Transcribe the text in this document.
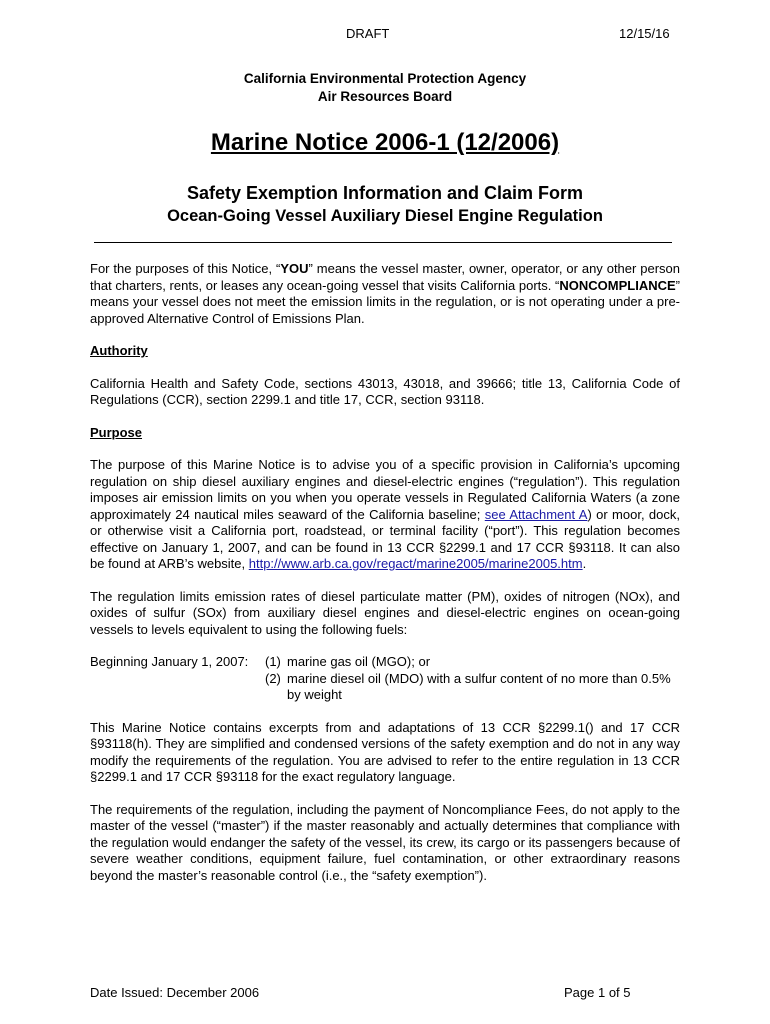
DRAFT	12/15/16
California Environmental Protection Agency
Air Resources Board
Marine Notice 2006-1 (12/2006)
Safety Exemption Information and Claim Form
Ocean-Going Vessel Auxiliary Diesel Engine Regulation

For the purposes of this Notice, “YOU” means the vessel master, owner, operator, or any other person that charters, rents, or leases any ocean-going vessel that visits California ports. “NONCOMPLIANCE” means your vessel does not meet the emission limits in the regulation, or is not operating under a pre-approved Alternative Control of Emissions Plan.

Authority

California Health and Safety Code, sections 43013, 43018, and 39666; title 13, California Code of Regulations (CCR), section 2299.1 and title 17, CCR, section 93118.

Purpose

The purpose of this Marine Notice is to advise you of a specific provision in California’s upcoming regulation on ship diesel auxiliary engines and diesel-electric engines (“regulation”). This regulation imposes air emission limits on you when you operate vessels in Regulated California Waters (a zone approximately 24 nautical miles seaward of the California baseline; see Attachment A) or moor, dock, or otherwise visit a California port, roadstead, or terminal facility (“port”). This regulation becomes effective on January 1, 2007, and can be found in 13 CCR §2299.1 and 17 CCR §93118. It can also be found at ARB’s website, http://www.arb.ca.gov/regact/marine2005/marine2005.htm.

The regulation limits emission rates of diesel particulate matter (PM), oxides of nitrogen (NOx), and oxides of sulfur (SOx) from auxiliary diesel engines and diesel-electric engines on ocean-going vessels to levels equivalent to using the following fuels:

Beginning January 1, 2007:	(1) marine gas oil (MGO); or
(2) marine diesel oil (MDO) with a sulfur content of no more than 0.5% by weight

This Marine Notice contains excerpts from and adaptations of 13 CCR §2299.1() and 17 CCR §93118(h). They are simplified and condensed versions of the safety exemption and do not in any way modify the requirements of the regulation. You are advised to refer to the entire regulation in 13 CCR §2299.1 and 17 CCR §93118 for the exact regulatory language.

The requirements of the regulation, including the payment of Noncompliance Fees, do not apply to the master of the vessel (“master”) if the master reasonably and actually determines that compliance with the regulation would endanger the safety of the vessel, its crew, its cargo or its passengers because of severe weather conditions, equipment failure, fuel contamination, or other extraordinary reasons beyond the master’s reasonable control (i.e., the “safety exemption”).

Date Issued: December 2006	Page 1 of 5
